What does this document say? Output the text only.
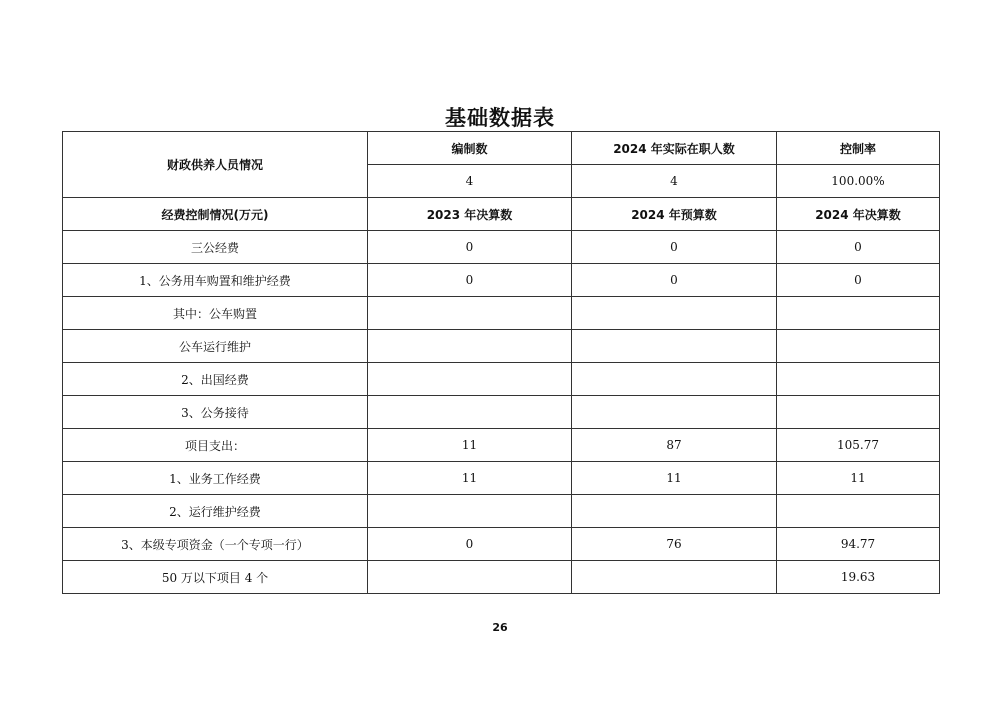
基础数据表
财政供养人员情况	编制数	2024 年实际在职人数	控制率
	4	4	100.00%
经费控制情况(万元)	2023 年决算数	2024 年预算数	2024 年决算数
三公经费	0	0	0
1、公务用车购置和维护经费	0	0	0
其中：公车购置			
公车运行维护			
2、出国经费			
3、公务接待			
项目支出：	11	87	105.77
1、业务工作经费	11	11	11
2、运行维护经费			
3、本级专项资金（一个专项一行）	0	76	94.77
50 万以下项目 4 个			19.63
26
